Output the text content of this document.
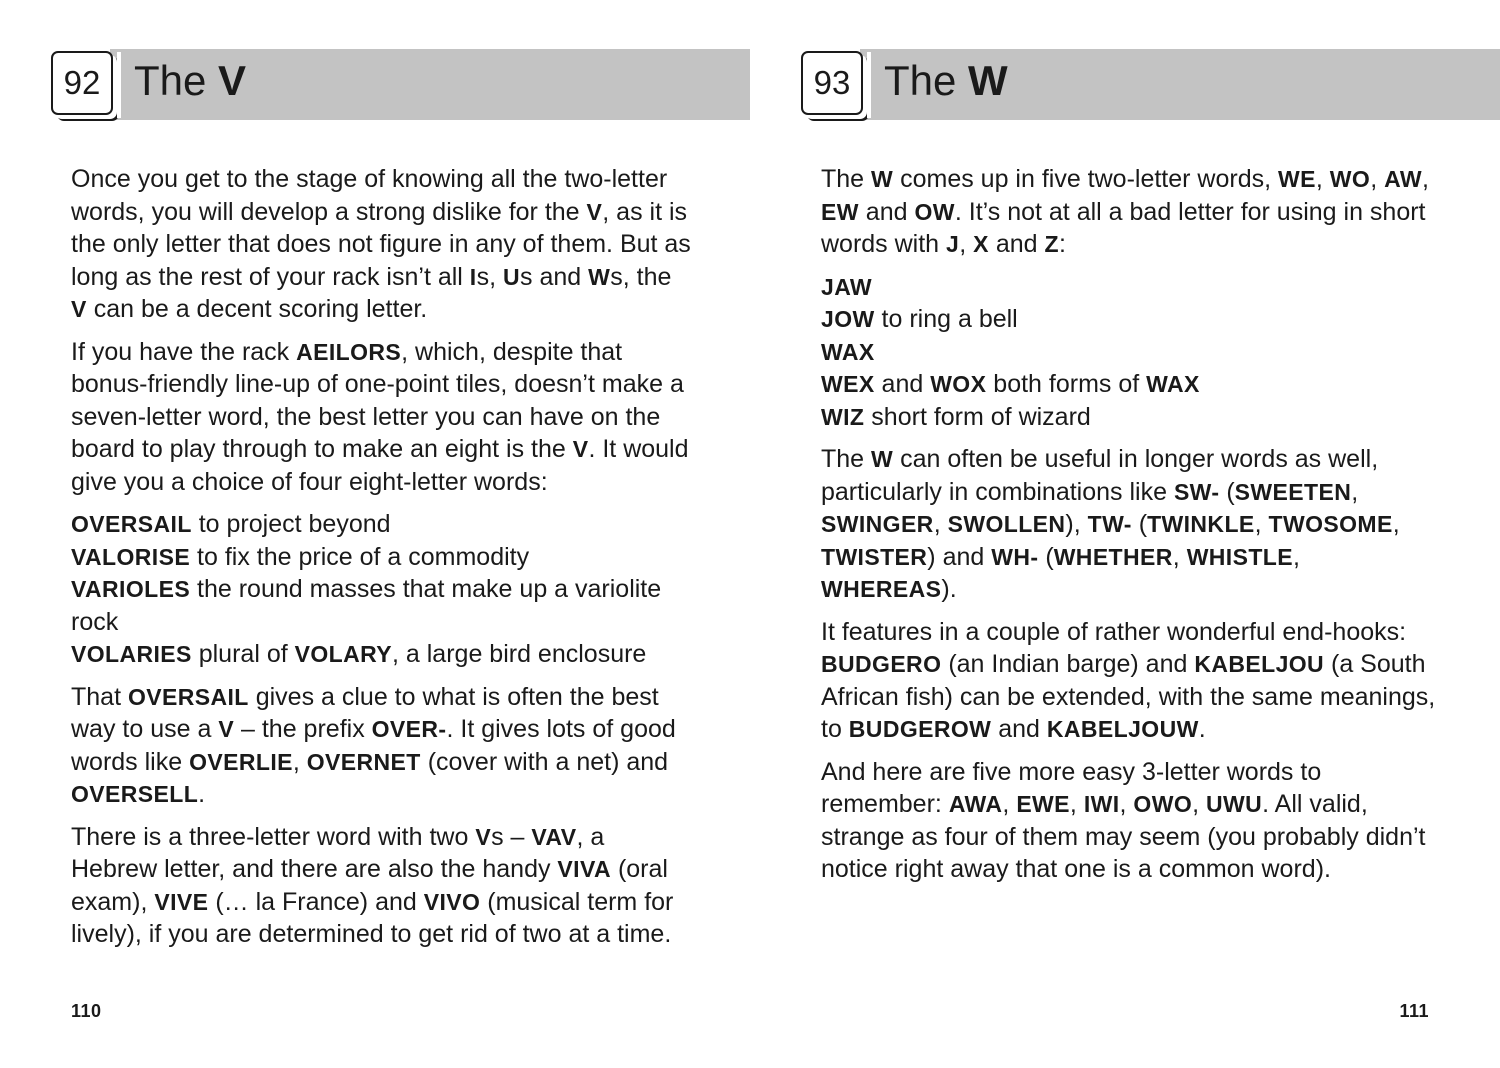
92 The V

Once you get to the stage of knowing all the two-letter words, you will develop a strong dislike for the V, as it is the only letter that does not figure in any of them. But as long as the rest of your rack isn’t all Is, Us and Ws, the V can be a decent scoring letter.

If you have the rack AEILORS, which, despite that bonus-friendly line-up of one-point tiles, doesn’t make a seven-letter word, the best letter you can have on the board to play through to make an eight is the V. It would give you a choice of four eight-letter words:

OVERSAIL to project beyond

VALORISE to fix the price of a commodity

VARIOLES the round masses that make up a variolite rock

VOLARIES plural of VOLARY, a large bird enclosure

That OVERSAIL gives a clue to what is often the best way to use a V – the prefix OVER-. It gives lots of good words like OVERLIE, OVERNET (cover with a net) and OVERSELL.

There is a three-letter word with two Vs – VAV, a Hebrew letter, and there are also the handy VIVA (oral exam), VIVE (… la France) and VIVO (musical term for lively), if you are determined to get rid of two at a time.

110
93 The W

The W comes up in five two-letter words, WE, WO, AW, EW and OW. It’s not at all a bad letter for using in short words with J, X and Z:

JAW

JOW to ring a bell

WAX

WEX and WOX both forms of WAX

WIZ short form of wizard

The W can often be useful in longer words as well, particularly in combinations like SW- (SWEETEN, SWINGER, SWOLLEN), TW- (TWINKLE, TWOSOME, TWISTER) and WH- (WHETHER, WHISTLE, WHEREAS).

It features in a couple of rather wonderful end-hooks: BUDGERO (an Indian barge) and KABELJOU (a South African fish) can be extended, with the same meanings, to BUDGEROW and KABELJOUW.

And here are five more easy 3-letter words to remember: AWA, EWE, IWI, OWO, UWU. All valid, strange as four of them may seem (you probably didn’t notice right away that one is a common word).

111
